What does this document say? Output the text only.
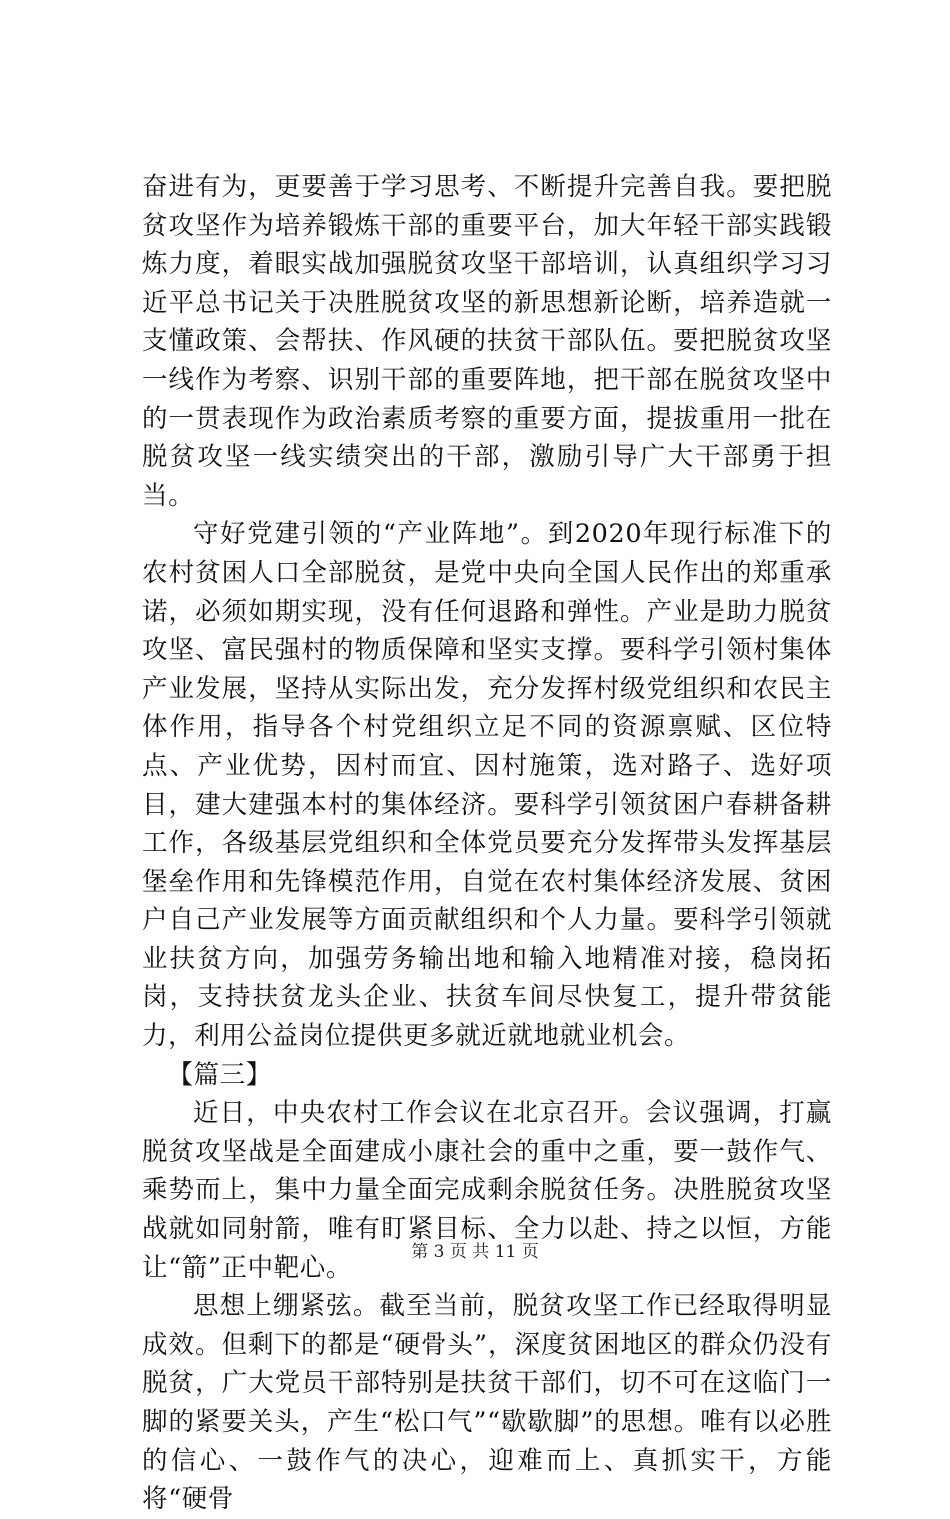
奋进有为，更要善于学习思考、不断提升完善自我。要把脱贫攻坚作为培养锻炼干部的重要平台，加大年轻干部实践锻炼力度，着眼实战加强脱贫攻坚干部培训，认真组织学习习近平总书记关于决胜脱贫攻坚的新思想新论断，培养造就一支懂政策、会帮扶、作风硬的扶贫干部队伍。要把脱贫攻坚一线作为考察、识别干部的重要阵地，把干部在脱贫攻坚中的一贯表现作为政治素质考察的重要方面，提拔重用一批在脱贫攻坚一线实绩突出的干部，激励引导广大干部勇于担当。

守好党建引领的“产业阵地”。到2020年现行标准下的农村贫困人口全部脱贫，是党中央向全国人民作出的郑重承诺，必须如期实现，没有任何退路和弹性。产业是助力脱贫攻坚、富民强村的物质保障和坚实支撑。要科学引领村集体产业发展，坚持从实际出发，充分发挥村级党组织和农民主体作用，指导各个村党组织立足不同的资源禀赋、区位特点、产业优势，因村而宜、因村施策，选对路子、选好项目，建大建强本村的集体经济。要科学引领贫困户春耕备耕工作，各级基层党组织和全体党员要充分发挥带头发挥基层堡垒作用和先锋模范作用，自觉在农村集体经济发展、贫困户自己产业发展等方面贡献组织和个人力量。要科学引领就业扶贫方向，加强劳务输出地和输入地精准对接，稳岗拓岗，支持扶贫龙头企业、扶贫车间尽快复工，提升带贫能力，利用公益岗位提供更多就近就地就业机会。

【篇三】

近日，中央农村工作会议在北京召开。会议强调，打赢脱贫攻坚战是全面建成小康社会的重中之重，要一鼓作气、乘势而上，集中力量全面完成剩余脱贫任务。决胜脱贫攻坚战就如同射箭，唯有盯紧目标、全力以赴、持之以恒，方能让“箭”正中靶心。

思想上绷紧弦。截至当前，脱贫攻坚工作已经取得明显成效。但剩下的都是“硬骨头”，深度贫困地区的群众仍没有脱贫，广大党员干部特别是扶贫干部们，切不可在这临门一脚的紧要关头，产生“松口气”“歇歇脚”的思想。唯有以必胜的信心、一鼓作气的决心，迎难而上、真抓实干，方能将“硬骨

第 3 页 共 11 页
